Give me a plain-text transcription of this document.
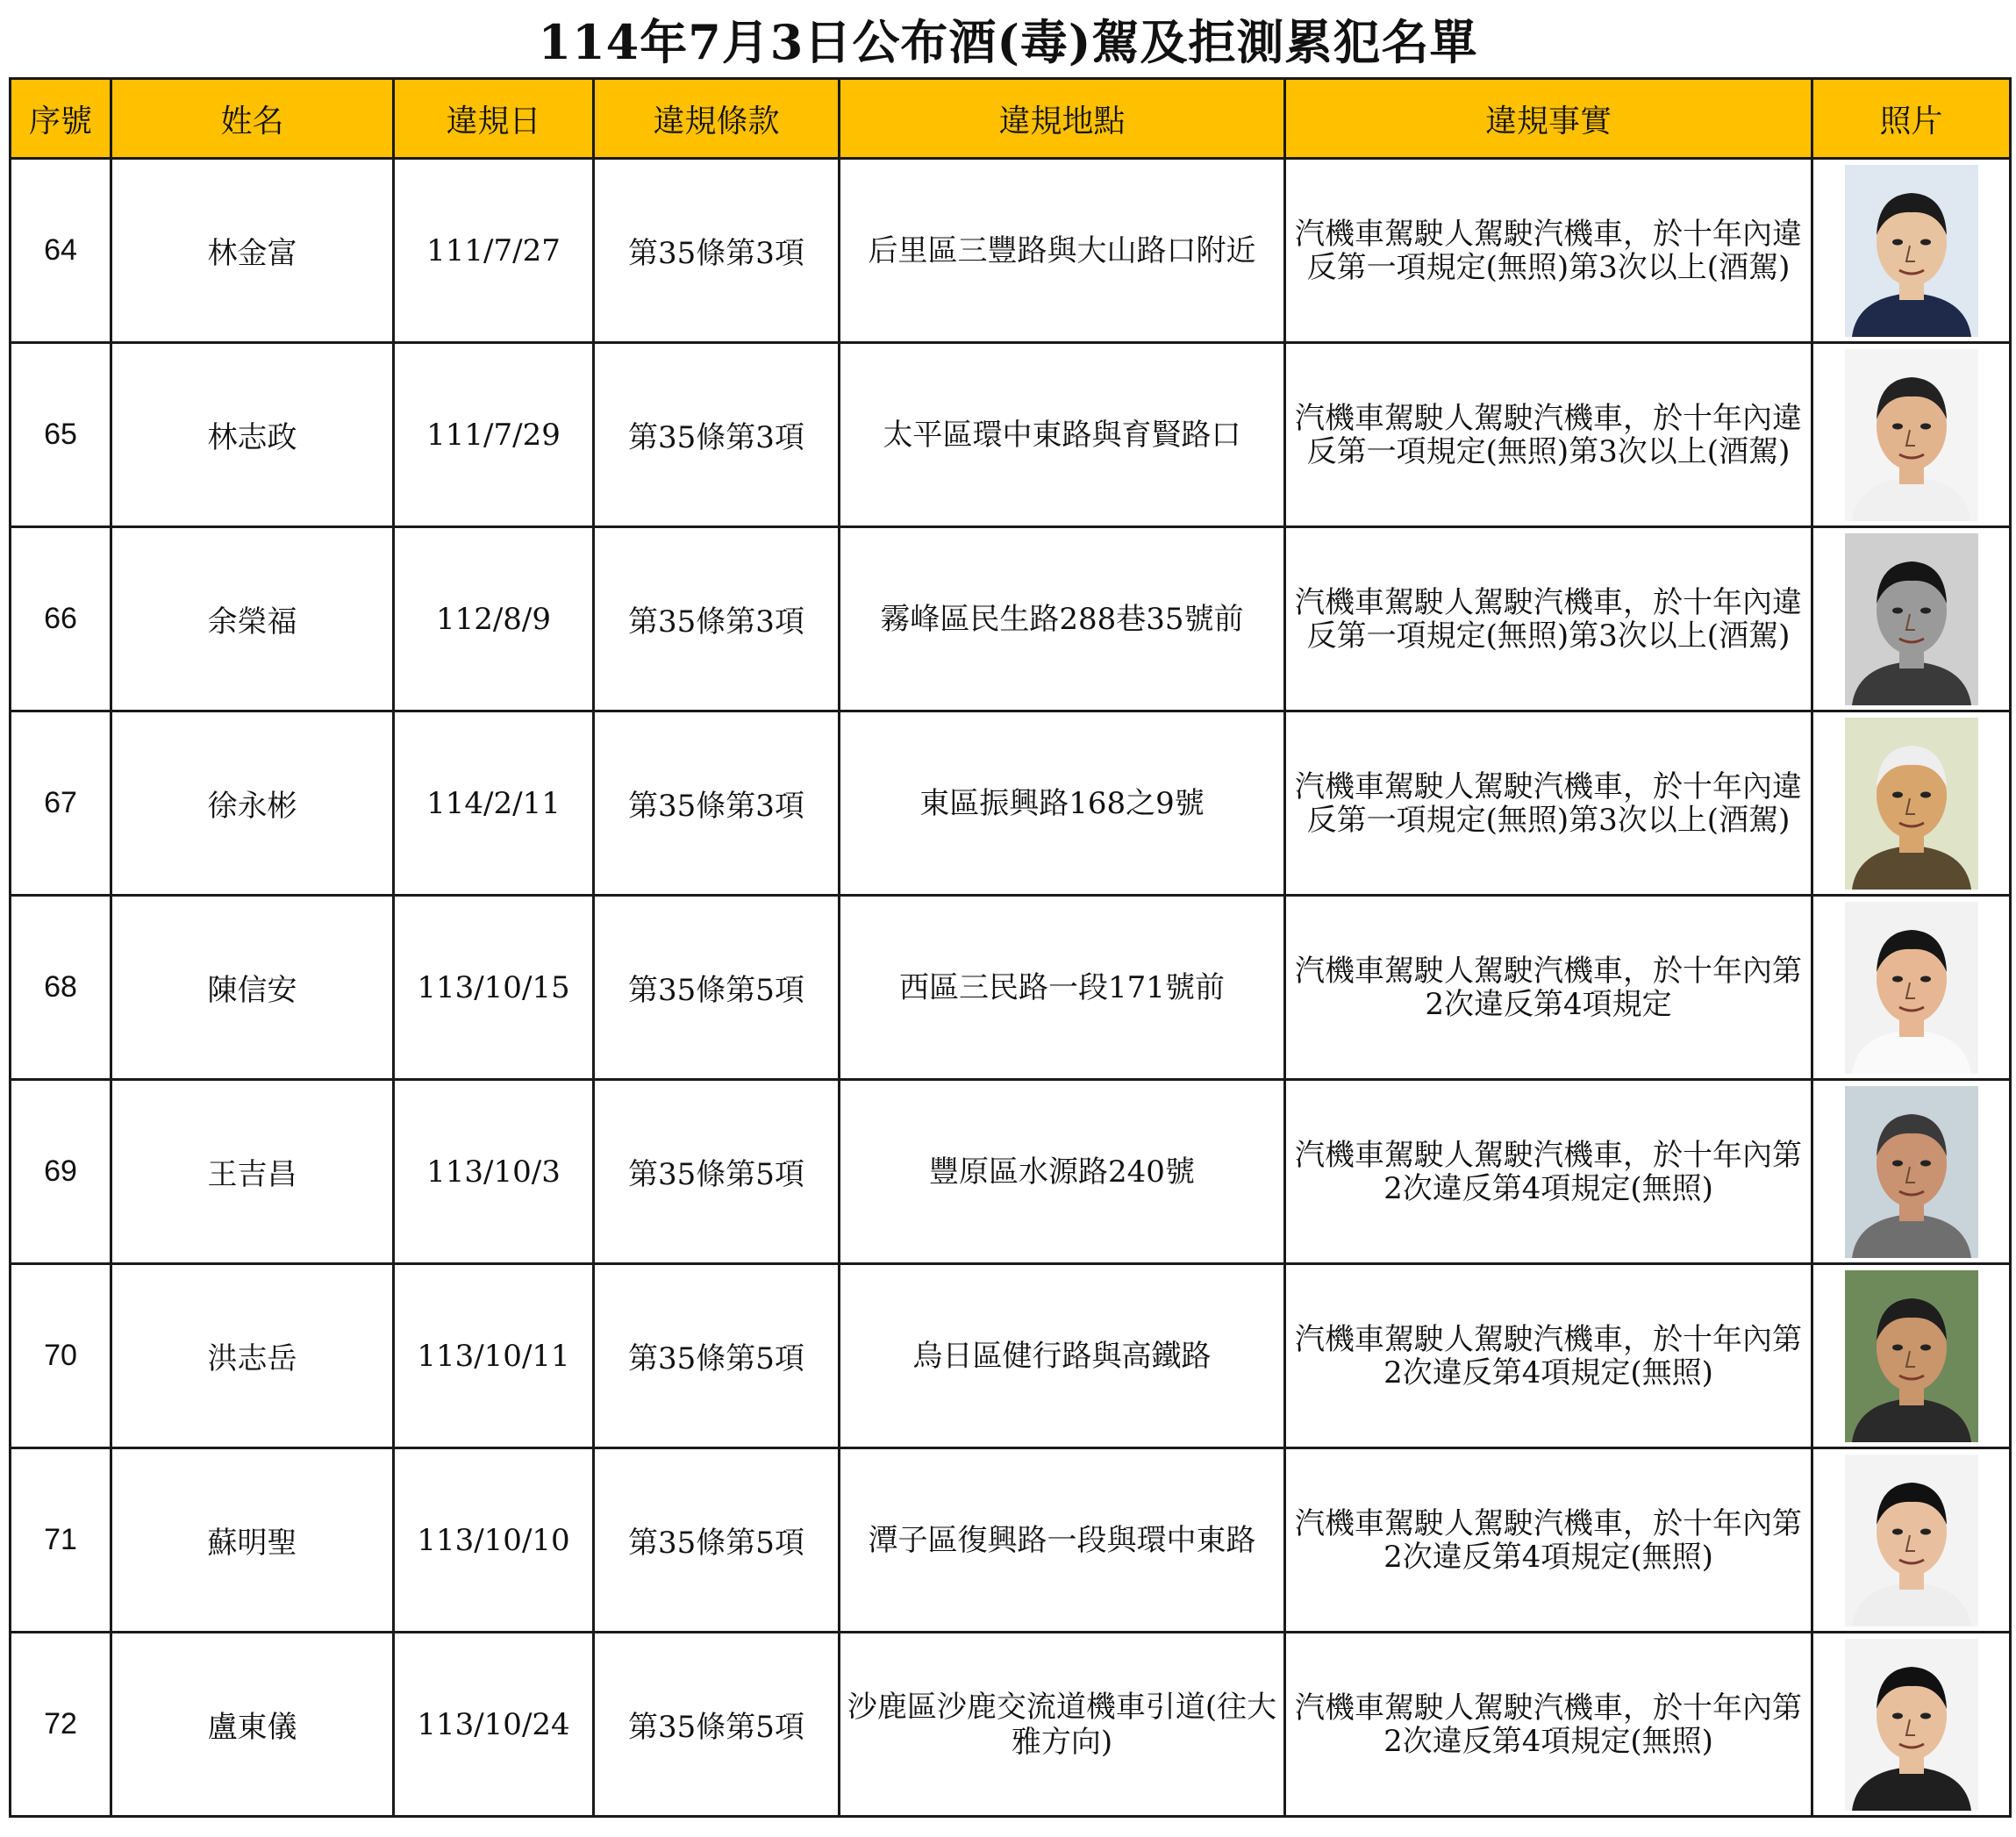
114年7月3日公布酒(毒)駕及拒測累犯名單
序號	姓名	違規日	違規條款	違規地點	違規事實	照片
64	林金富	111/7/27	第35條第3項	后里區三豐路與大山路口附近	汽機車駕駛人駕駛汽機車，於十年內違反第一項規定(無照)第3次以上(酒駕)	

65	林志政	111/7/29	第35條第3項	太平區環中東路與育賢路口	汽機車駕駛人駕駛汽機車，於十年內違反第一項規定(無照)第3次以上(酒駕)	

66	余榮福	112/8/9	第35條第3項	霧峰區民生路288巷35號前	汽機車駕駛人駕駛汽機車，於十年內違反第一項規定(無照)第3次以上(酒駕)	

67	徐永彬	114/2/11	第35條第3項	東區振興路168之9號	汽機車駕駛人駕駛汽機車，於十年內違反第一項規定(無照)第3次以上(酒駕)	

68	陳信安	113/10/15	第35條第5項	西區三民路一段171號前	汽機車駕駛人駕駛汽機車，於十年內第2次違反第4項規定	

69	王吉昌	113/10/3	第35條第5項	豐原區水源路240號	汽機車駕駛人駕駛汽機車，於十年內第2次違反第4項規定(無照)	

70	洪志岳	113/10/11	第35條第5項	烏日區健行路與高鐵路	汽機車駕駛人駕駛汽機車，於十年內第2次違反第4項規定(無照)	

71	蘇明聖	113/10/10	第35條第5項	潭子區復興路一段與環中東路	汽機車駕駛人駕駛汽機車，於十年內第2次違反第4項規定(無照)	

72	盧東儀	113/10/24	第35條第5項	沙鹿區沙鹿交流道機車引道(往大雅方向)	汽機車駕駛人駕駛汽機車，於十年內第2次違反第4項規定(無照)	
